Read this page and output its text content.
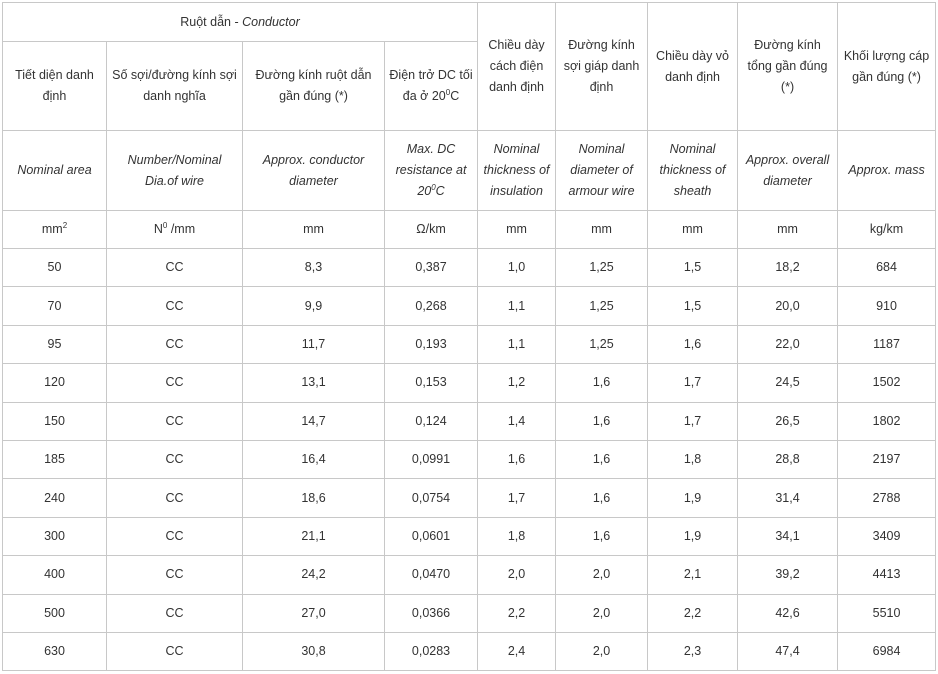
Ruột dẫn - Conductor				Chiều dày cách điện danh định	Đường kính sợi giáp danh định	Chiều dày vỏ danh định	Đường kính tổng gần đúng (*)	Khối lượng cáp gần đúng (*)
Tiết diện danh định	Số sợi/đường kính sợi danh nghĩa	Đường kính ruột dẫn gần đúng (*)	Điện trở DC tối đa ở $20^0C$					
Nominal area	Number/Nominal Dia.of wire	Approx. conductor diameter	Max. DC resistance at $20^0C$	Nominal thickness of insulation	Nominal diameter of armour wire	Nominal thickness of sheath	Approx. overall diameter	Approx. mass
$mm^2$	$N^0$ /mm	mm	Ω/km	mm	mm	mm	mm	kg/km
50	CC	8,3	0,387	1,0	1,25	1,5	18,2	684
70	CC	9,9	0,268	1,1	1,25	1,5	20,0	910
95	CC	11,7	0,193	1,1	1,25	1,6	22,0	1187
120	CC	13,1	0,153	1,2	1,6	1,7	24,5	1502
150	CC	14,7	0,124	1,4	1,6	1,7	26,5	1802
185	CC	16,4	0,0991	1,6	1,6	1,8	28,8	2197
240	CC	18,6	0,0754	1,7	1,6	1,9	31,4	2788
300	CC	21,1	0,0601	1,8	1,6	1,9	34,1	3409
400	CC	24,2	0,0470	2,0	2,0	2,1	39,2	4413
500	CC	27,0	0,0366	2,2	2,0	2,2	42,6	5510
630	CC	30,8	0,0283	2,4	2,0	2,3	47,4	6984
